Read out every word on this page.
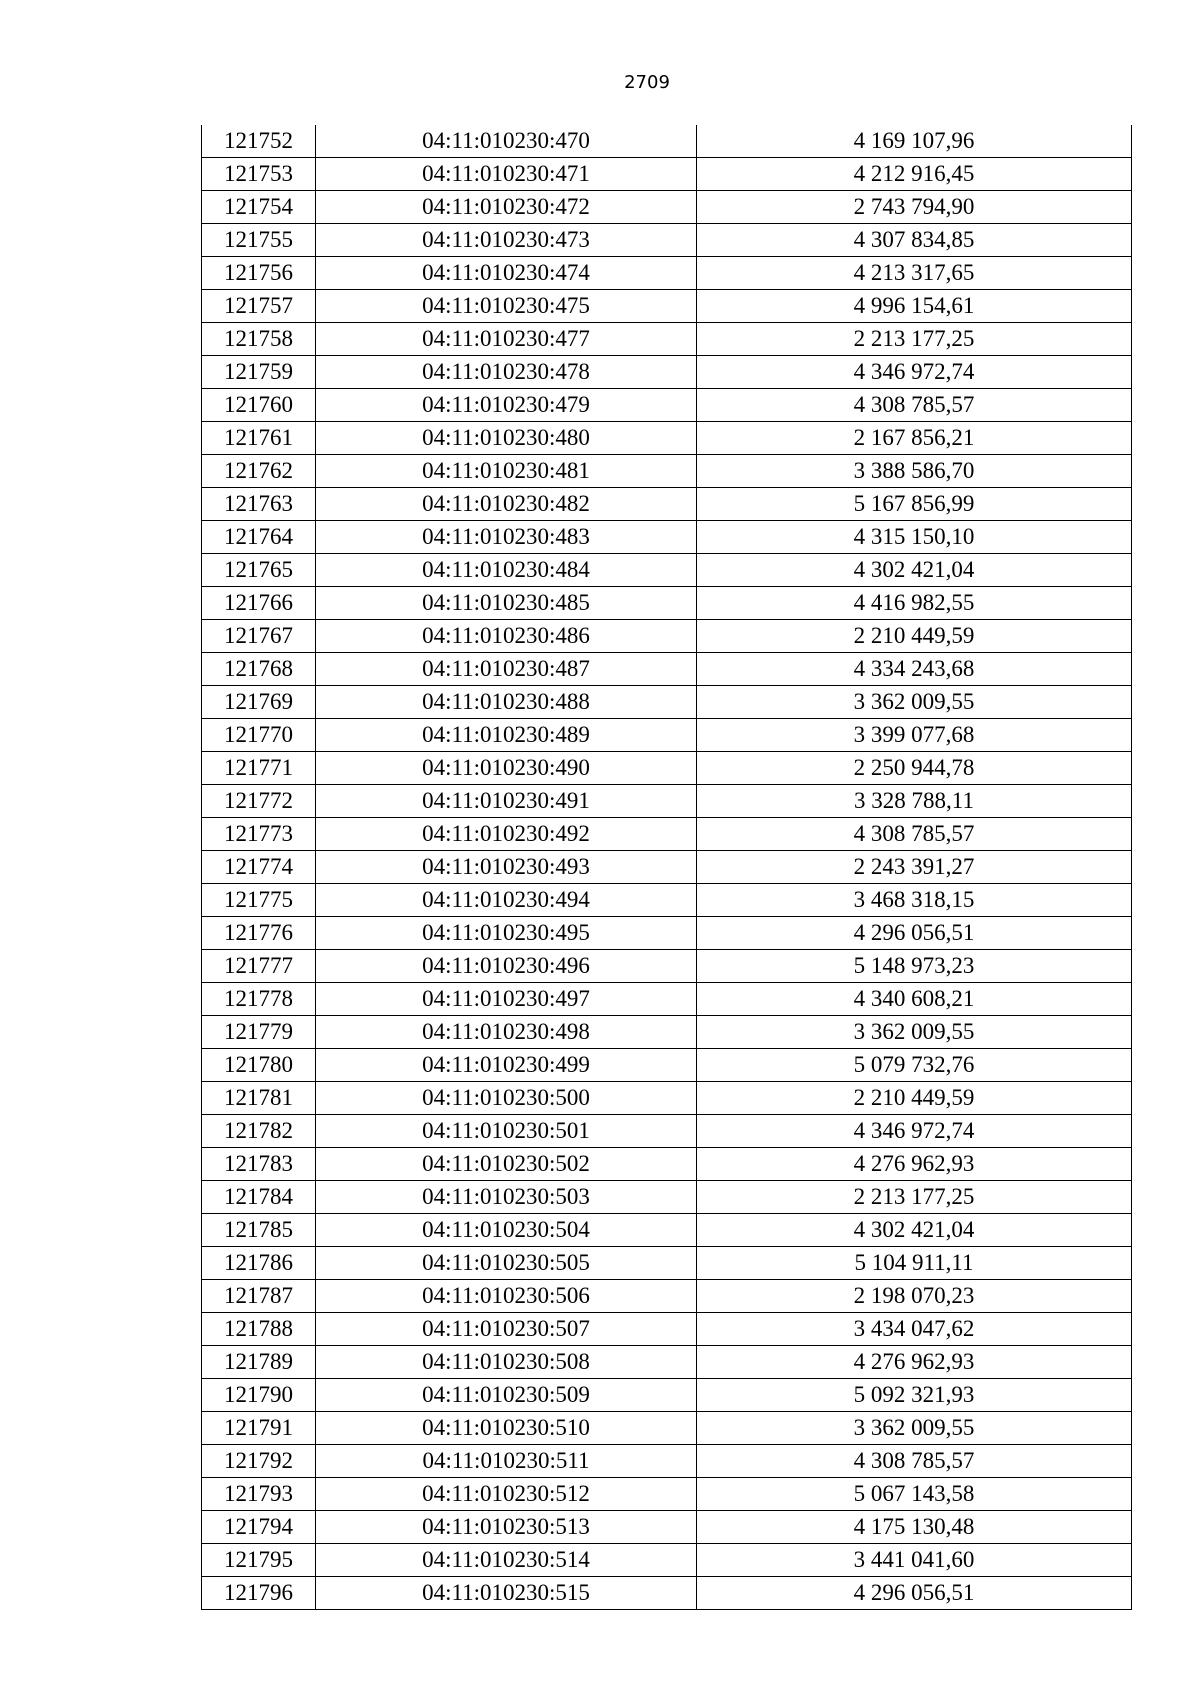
2709
121752	04:11:010230:470	4 169 107,96
121753	04:11:010230:471	4 212 916,45
121754	04:11:010230:472	2 743 794,90
121755	04:11:010230:473	4 307 834,85
121756	04:11:010230:474	4 213 317,65
121757	04:11:010230:475	4 996 154,61
121758	04:11:010230:477	2 213 177,25
121759	04:11:010230:478	4 346 972,74
121760	04:11:010230:479	4 308 785,57
121761	04:11:010230:480	2 167 856,21
121762	04:11:010230:481	3 388 586,70
121763	04:11:010230:482	5 167 856,99
121764	04:11:010230:483	4 315 150,10
121765	04:11:010230:484	4 302 421,04
121766	04:11:010230:485	4 416 982,55
121767	04:11:010230:486	2 210 449,59
121768	04:11:010230:487	4 334 243,68
121769	04:11:010230:488	3 362 009,55
121770	04:11:010230:489	3 399 077,68
121771	04:11:010230:490	2 250 944,78
121772	04:11:010230:491	3 328 788,11
121773	04:11:010230:492	4 308 785,57
121774	04:11:010230:493	2 243 391,27
121775	04:11:010230:494	3 468 318,15
121776	04:11:010230:495	4 296 056,51
121777	04:11:010230:496	5 148 973,23
121778	04:11:010230:497	4 340 608,21
121779	04:11:010230:498	3 362 009,55
121780	04:11:010230:499	5 079 732,76
121781	04:11:010230:500	2 210 449,59
121782	04:11:010230:501	4 346 972,74
121783	04:11:010230:502	4 276 962,93
121784	04:11:010230:503	2 213 177,25
121785	04:11:010230:504	4 302 421,04
121786	04:11:010230:505	5 104 911,11
121787	04:11:010230:506	2 198 070,23
121788	04:11:010230:507	3 434 047,62
121789	04:11:010230:508	4 276 962,93
121790	04:11:010230:509	5 092 321,93
121791	04:11:010230:510	3 362 009,55
121792	04:11:010230:511	4 308 785,57
121793	04:11:010230:512	5 067 143,58
121794	04:11:010230:513	4 175 130,48
121795	04:11:010230:514	3 441 041,60
121796	04:11:010230:515	4 296 056,51
